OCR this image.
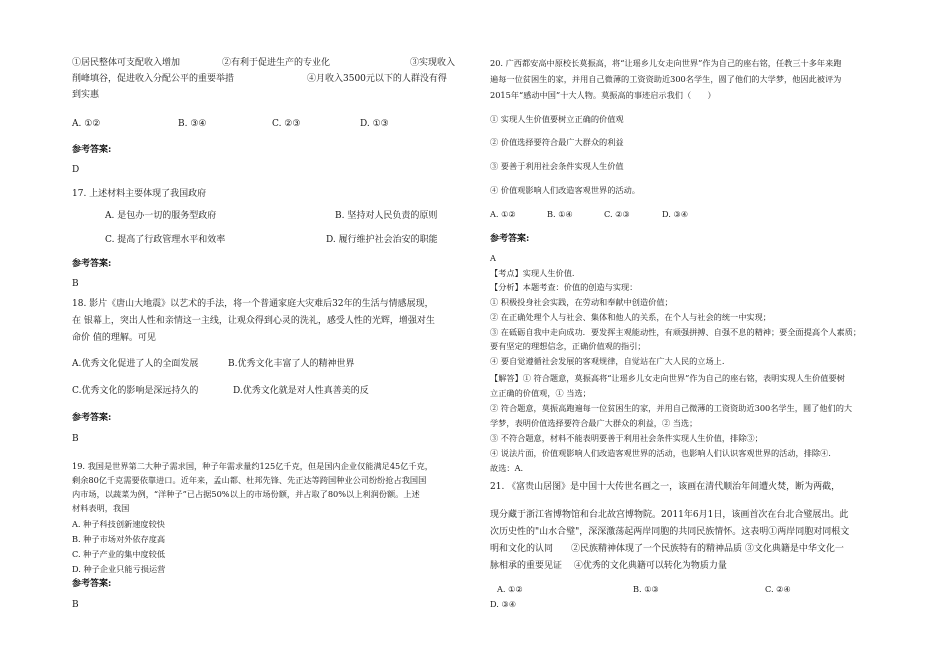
①居民整体可支配收入增加	②有利于促进生产的专业化	③实现收入
削峰填谷，促进收入分配公平的重要举措	④月收入3500元以下的人群没有得
到实惠
A. ①②	B. ③④	C. ②③	D. ①③
参考答案:
D
17. 上述材料主要体现了我国政府
A. 是包办一切的服务型政府	B. 坚持对人民负责的原则
C. 提高了行政管理水平和效率	D. 履行维护社会治安的职能
参考答案:
B
18. 影片《唐山大地震》以艺术的手法，将一个普通家庭大灾难后32年的生活与情感展现，
在 银幕上，突出人性和亲情这一主线，让观众得到心灵的洗礼，感受人性的光辉，增强对生
命价 值的理解。可见
A.优秀文化促进了人的全面发展	B.优秀文化丰富了人的精神世界
C.优秀文化的影响是深远持久的	D.优秀文化就是对人性真善美的反
参考答案:
B
19. 我国是世界第二大种子需求国，种子年需求量约125亿千克，但是国内企业仅能满足45亿千克，
剩余80亿千克需要依靠进口。近年来，孟山都、杜邦先锋、先正达等跨国种业公司纷纷抢占我国国
内市场，以蔬菜为例，“洋种子”已占据50%以上的市场份额，并占取了80%以上利润份额。上述
材料表明，我国
A. 种子科技创新速度较快
B. 种子市场对外依存度高
C. 种子产业的集中度较低
D. 种子企业只能亏损运营
参考答案:
B
20. 广西都安高中原校长莫振高，将“让瑶乡儿女走向世界”作为自己的座右铭，任教三十多年来跑
遍每一位贫困生的家，并用自己微薄的工资资助近300名学生，圆了他们的大学梦，他因此被评为
2015年“感动中国”十大人物。莫振高的事迹启示我们（　　）
① 实现人生价值要树立正确的价值观
② 价值选择要符合最广大群众的利益
③ 要善于利用社会条件实现人生价值
④ 价值观影响人们改造客观世界的活动。
A. ①②	B. ①④	C. ②③	D. ③④
参考答案:
A
【考点】实现人生价值.
【分析】本题考查：价值的创造与实现：
① 积极投身社会实践，在劳动和奉献中创造价值；
② 在正确处理个人与社会、集体和他人的关系，在个人与社会的统一中实现；
③ 在砥砺自我中走向成功．要发挥主观能动性，有顽强拼搏、自强不息的精神；要全面提高个人素质；
要有坚定的理想信念，正确价值观的指引；
④ 要自觉遵循社会发展的客观规律，自觉站在广大人民的立场上.
【解答】① 符合题意，莫振高将“让瑶乡儿女走向世界”作为自己的座右铭，表明实现人生价值要树
立正确的价值观，① 当选；
② 符合题意，莫振高跑遍每一位贫困生的家，并用自己微薄的工资资助近300名学生，圆了他们的大
学梦，表明价值选择要符合最广大群众的利益，② 当选；
③ 不符合题意，材料不能表明要善于利用社会条件实现人生价值，排除③；
④ 说法片面，价值观影响人们改造客观世界的活动，也影响人们认识客观世界的活动，排除④.
故选：A.
21. 《富贵山居图》是中国十大传世名画之一，该画在清代顺治年间遭火焚，断为两截，
现分藏于浙江省博物馆和台北故宫博物院。2011年6月1日，该画首次在台北合璧展出。此
次历史性的"山水合璧"，深深激荡起两岸同胞的共同民族情怀。这表明①两岸同胞对同根文
明和文化的认同　　②民族精神体现了一个民族特有的精神品质 ③文化典籍是中华文化一
脉相承的重要见证　 ④优秀的文化典籍可以转化为物质力量
A. ①②	B. ①③	C. ②④
D. ③④
